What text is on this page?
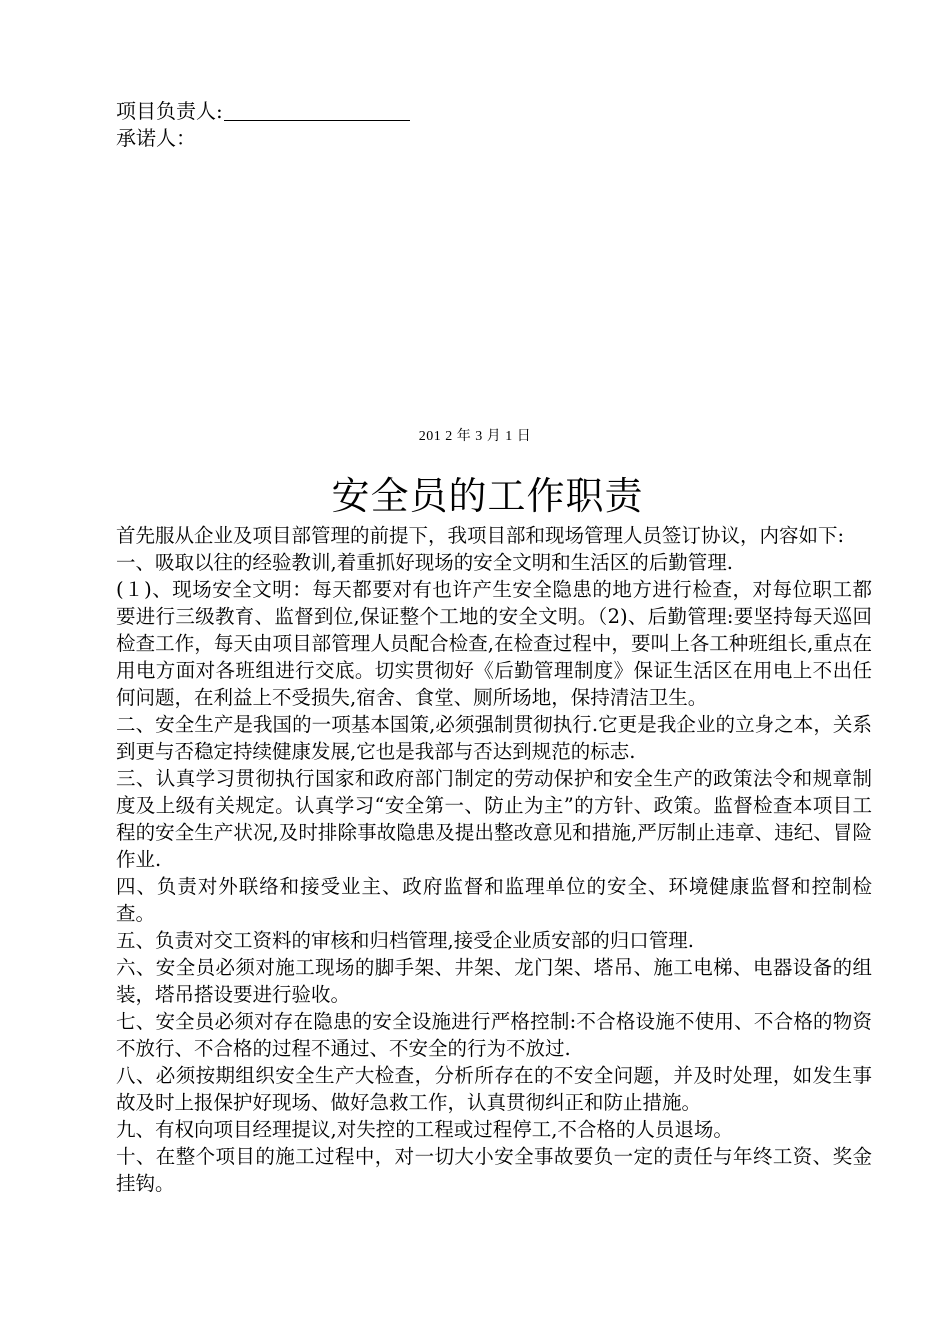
项目负责人:
承诺人：
201 2 年 3 月 1 日
安全员的工作职责

首先服从企业及项目部管理的前提下，我项目部和现场管理人员签订协议，内容如下:

一、吸取以往的经验教训,着重抓好现场的安全文明和生活区的后勤管理.

(１)、现场安全文明：每天都要对有也许产生安全隐患的地方进行检查，对每位职工都要进行三级教育、监督到位,保证整个工地的安全文明。（2)、后勤管理:要坚持每天巡回检查工作，每天由项目部管理人员配合检查,在检查过程中，要叫上各工种班组长,重点在用电方面对各班组进行交底。切实贯彻好《后勤管理制度》保证生活区在用电上不出任何问题，在利益上不受损失,宿舍、食堂、厕所场地，保持清洁卫生。

二、安全生产是我国的一项基本国策,必须强制贯彻执行.它更是我企业的立身之本，关系到更与否稳定持续健康发展,它也是我部与否达到规范的标志.

三、认真学习贯彻执行国家和政府部门制定的劳动保护和安全生产的政策法令和规章制度及上级有关规定。认真学习“安全第一、防止为主”的方针、政策。监督检查本项目工程的安全生产状况,及时排除事故隐患及提出整改意见和措施,严厉制止违章、违纪、冒险作业.

四、负责对外联络和接受业主、政府监督和监理单位的安全、环境健康监督和控制检查。

五、负责对交工资料的审核和归档管理,接受企业质安部的归口管理.

六、安全员必须对施工现场的脚手架、井架、龙门架、塔吊、施工电梯、电器设备的组装，塔吊搭设要进行验收。

七、安全员必须对存在隐患的安全设施进行严格控制:不合格设施不使用、不合格的物资不放行、不合格的过程不通过、不安全的行为不放过.

八、必须按期组织安全生产大检查，分析所存在的不安全问题，并及时处理，如发生事故及时上报保护好现场、做好急救工作，认真贯彻纠正和防止措施。

九、有权向项目经理提议,对失控的工程或过程停工,不合格的人员退场。

十、在整个项目的施工过程中，对一切大小安全事故要负一定的责任与年终工资、奖金挂钩。
